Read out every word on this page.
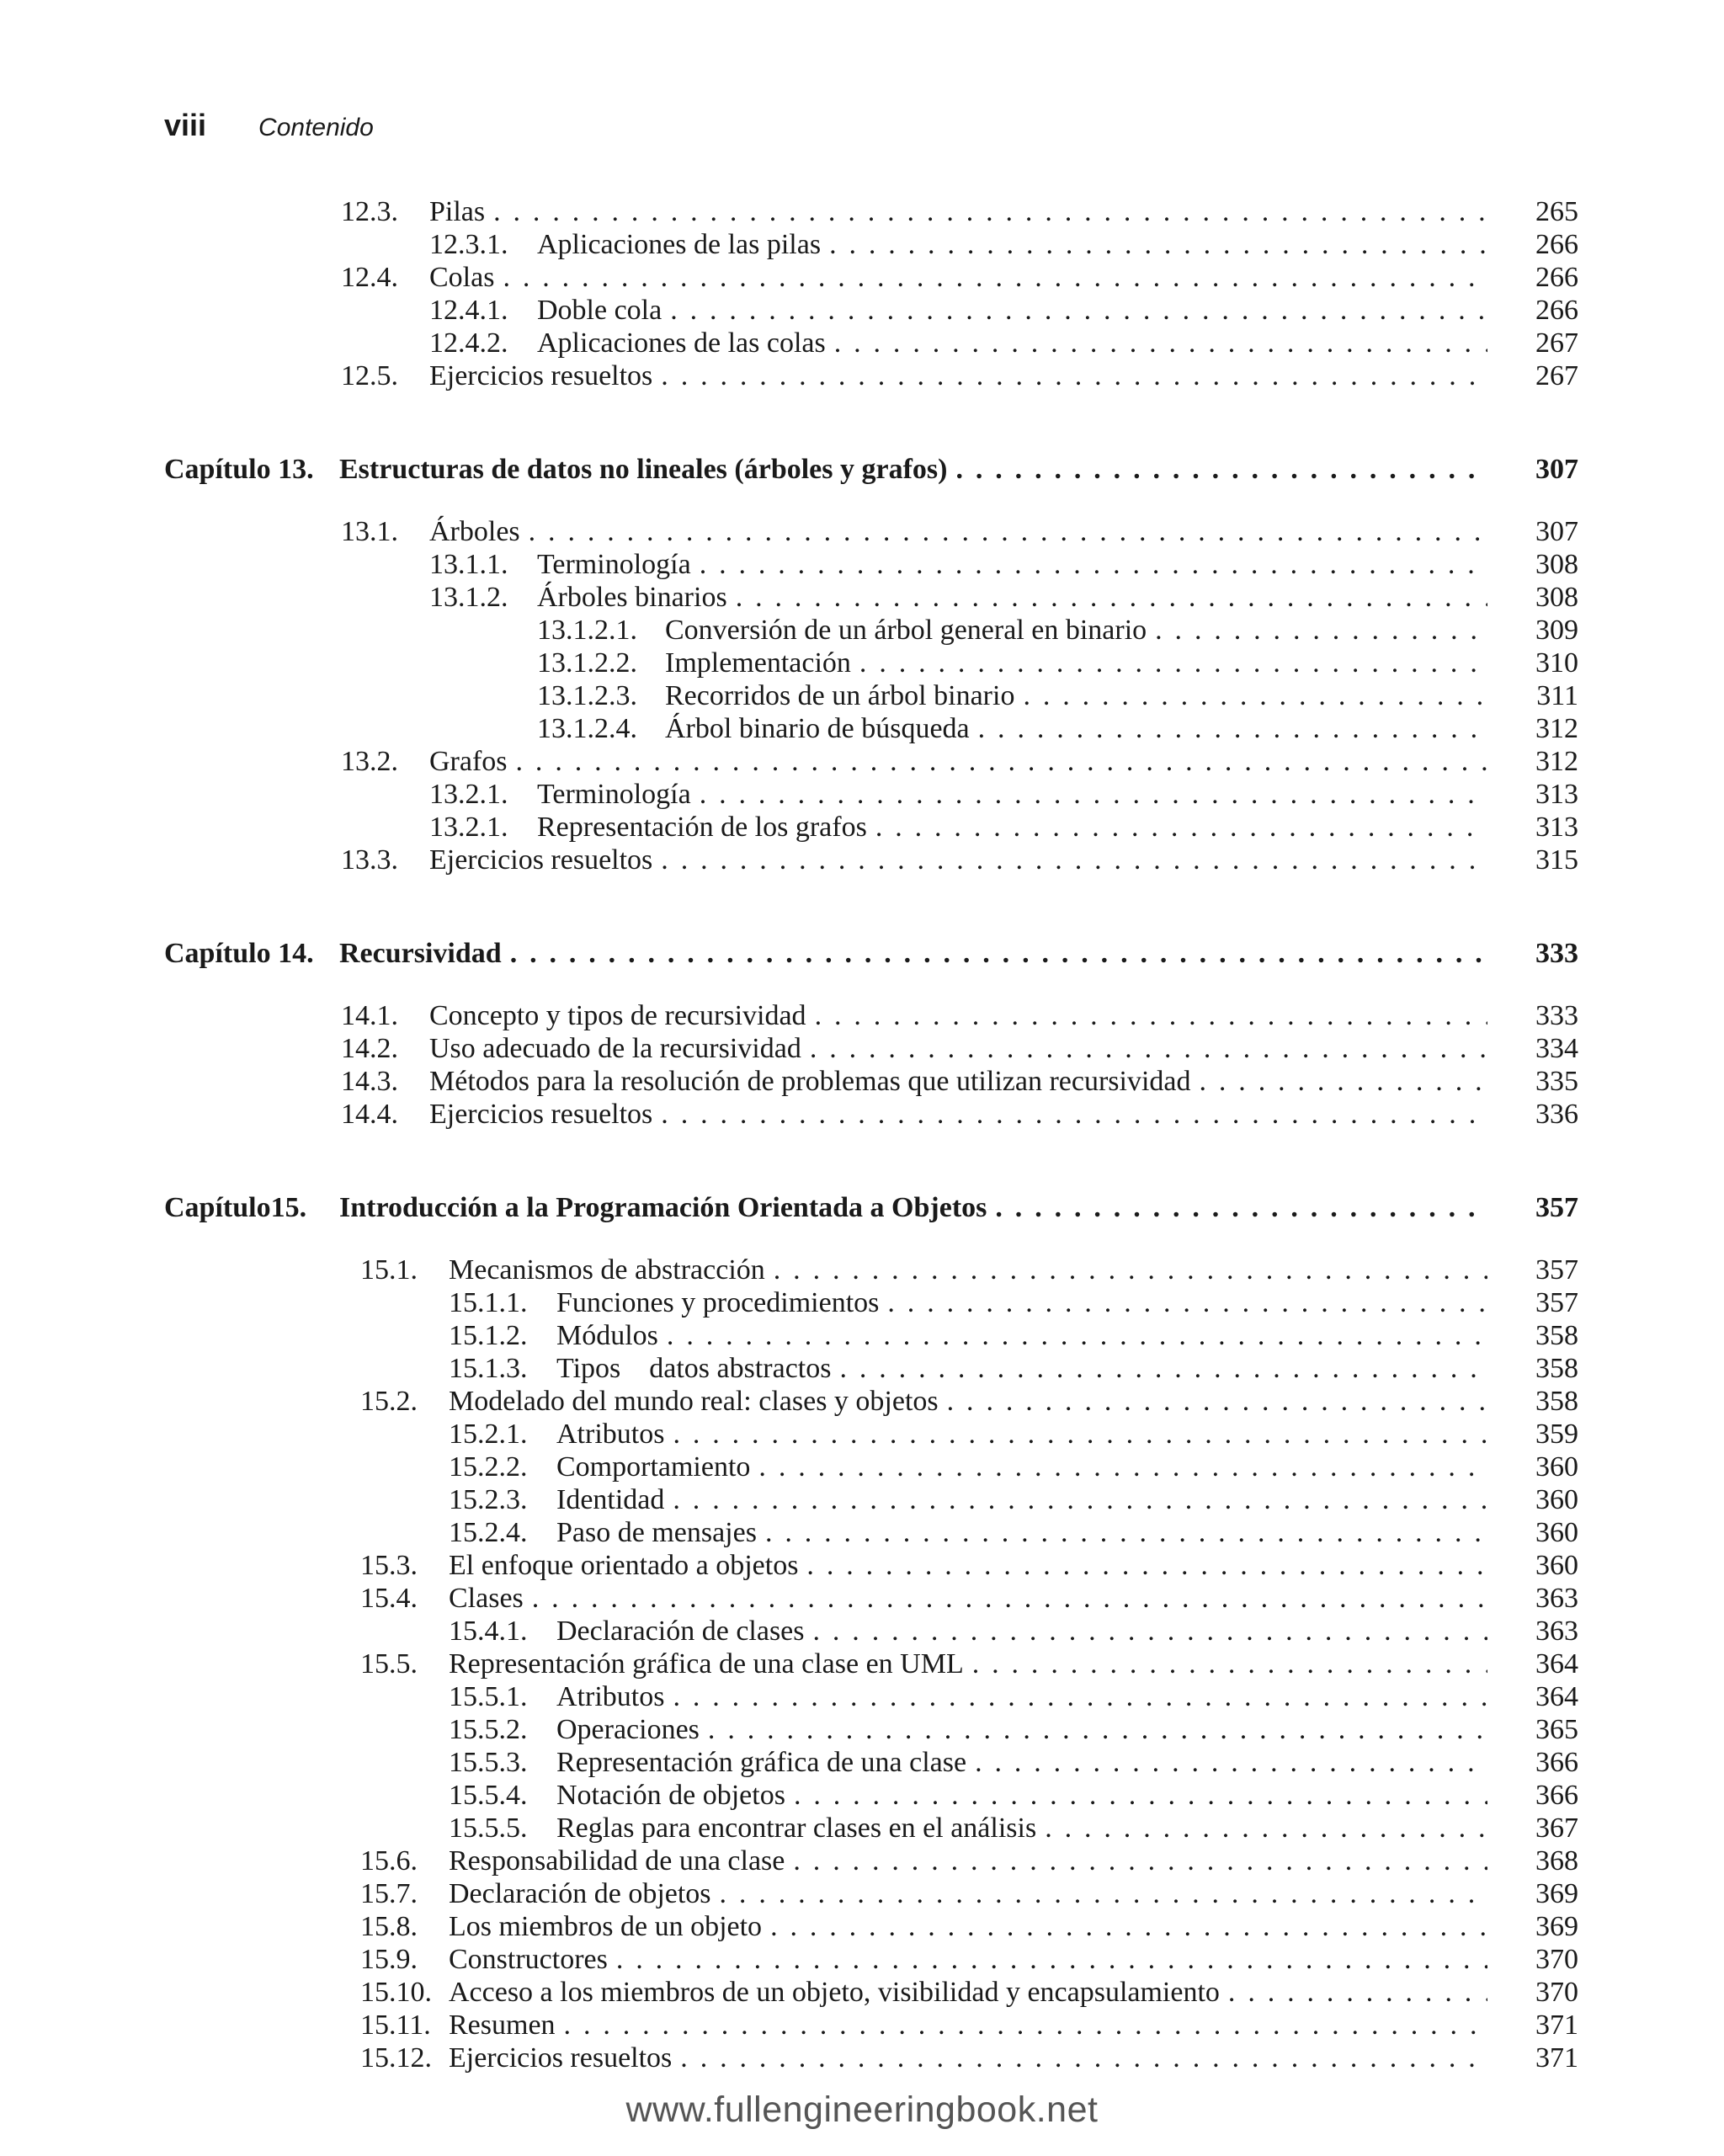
viii Contenido
12.3. Pilas . . .	265
12.3.1. Aplicaciones de las pilas . . .	266
12.4. Colas . . .	266
12.4.1. Doble cola . . .	266
12.4.2. Aplicaciones de las colas . . .	267
12.5. Ejercicios resueltos . . .	267
Capítulo 13. Estructuras de datos no lineales (árboles y grafos) . . .	307
13.1. Árboles . . .	307
13.1.1. Terminología . . .	308
13.1.2. Árboles binarios . . .	308
13.1.2.1. Conversión de un árbol general en binario . . .	309
13.1.2.2. Implementación . . .	310
13.1.2.3. Recorridos de un árbol binario . . .	311
13.1.2.4. Árbol binario de búsqueda . . .	312
13.2. Grafos . . .	312
13.2.1. Terminología . . .	313
13.2.1. Representación de los grafos . . .	313
13.3. Ejercicios resueltos . . .	315
Capítulo 14. Recursividad . . .	333
14.1. Concepto y tipos de recursividad . . .	333
14.2. Uso adecuado de la recursividad . . .	334
14.3. Métodos para la resolución de problemas que utilizan recursividad . . .	335
14.4. Ejercicios resueltos . . .	336
Capítulo15. Introducción a la Programación Orientada a Objetos . . .	357
15.1. Mecanismos de abstracción . . .	357
15.1.1. Funciones y procedimientos . . .	357
15.1.2. Módulos . . .	358
15.1.3. Tipos    datos abstractos . . .	358
15.2. Modelado del mundo real: clases y objetos . . .	358
15.2.1. Atributos . . .	359
15.2.2. Comportamiento . . .	360
15.2.3. Identidad . . .	360
15.2.4. Paso de mensajes . . .	360
15.3. El enfoque orientado a objetos . . .	360
15.4. Clases . . .	363
15.4.1. Declaración de clases . . .	363
15.5. Representación gráfica de una clase en UML . . .	364
15.5.1. Atributos . . .	364
15.5.2. Operaciones . . .	365
15.5.3. Representación gráfica de una clase . . .	366
15.5.4. Notación de objetos . . .	366
15.5.5. Reglas para encontrar clases en el análisis . . .	367
15.6. Responsabilidad de una clase . . .	368
15.7. Declaración de objetos . . .	369
15.8. Los miembros de un objeto . . .	369
15.9. Constructores . . .	370
15.10. Acceso a los miembros de un objeto, visibilidad y encapsulamiento . . .	370
15.11. Resumen . . .	371
15.12. Ejercicios resueltos . . .	371
www.fullengineeringbook.net
